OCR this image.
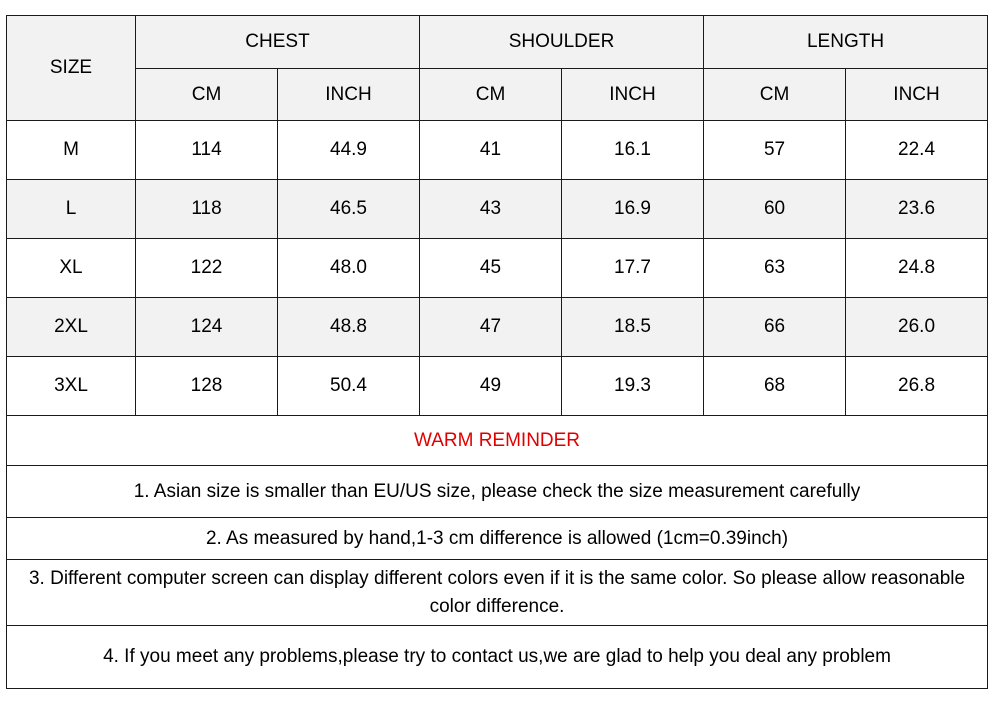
SIZE	CHEST		SHOULDER		LENGTH	
	CM	INCH	CM	INCH	CM	INCH
M	114	44.9	41	16.1	57	22.4
L	118	46.5	43	16.9	60	23.6
XL	122	48.0	45	17.7	63	24.8
2XL	124	48.8	47	18.5	66	26.0
3XL	128	50.4	49	19.3	68	26.8
WARM REMINDER						
1. Asian size is smaller than EU/US size, please check the size measurement carefully						
2. As measured by hand,1-3 cm difference is allowed (1cm=0.39inch)						
3. Different computer screen can display different colors even if it is the same color. So please allow reasonable color difference.						
4. If you meet any problems,please try to contact us,we are glad to help you deal any problem						
